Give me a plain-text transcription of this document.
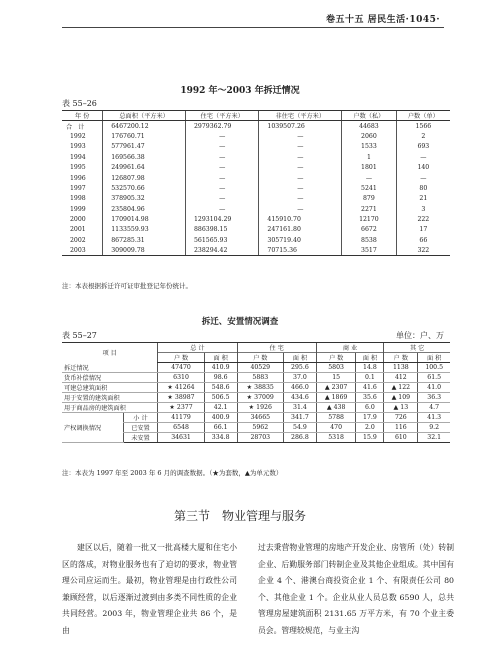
卷五十五 居民生活·1045·
1992 年～2003 年拆迁情况
表 55–26
年 份	总面积（平方米）	住宅（平方米）	非住宅（平方米）	户数（私）	户数（单）
合 计	6467200.12	2979362.79	1039507.26	44683	1566
1992	176760.71	—	—	2060	2
1993	577961.47	—	—	1533	693
1994	169566.38	—	—	1	—
1995	249961.64	—	—	1801	140
1996	126807.98	—	—	—	—
1997	532570.66	—	—	5241	80
1998	378905.32	—	—	879	21
1999	235804.96	—	—	2271	3
2000	1709014.98	1293104.29	415910.70	12170	222
2001	1133559.93	886398.15	247161.80	6672	17
2002	867285.31	561565.93	305719.40	8538	66
2003	309009.78	238294.42	70715.36	3517	322
注：本表根据拆迁许可证审批登记年份统计。
拆迁、安置情况调查
表 55–27	单位：户、万
项 目		总 计		住 宅		商 业		其 它	
		户 数	面 积	户 数	面 积	户 数	面 积	户 数	面 积
拆迁情况		47470	410.9	40529	295.6	5803	14.8	1138	100.5
货币补偿情况		6310	98.6	5883	37.0	15	0.1	412	61.5
可建总建筑面积		★ 41264	548.6	★ 38835	466.0	▲ 2307	41.6	▲ 122	41.0
用于安置的建筑面积		★ 38987	506.5	★ 37009	434.6	▲ 1869	35.6	▲ 109	36.3
用于商品房的建筑面积		★ 2377	42.1	★ 1926	31.4	▲ 438	6.0	▲ 13	4.7
产权调换情况	小 计	41179	400.9	34665	341.7	5788	17.9	726	41.3
	已安置	6548	66.1	5962	54.9	470	2.0	116	9.2
	未安置	34631	334.8	28703	286.8	5318	15.9	610	32.1
注：本表为 1997 年至 2003 年 6 月的调查数据。（★为套数，▲为单元数）
第三节 物业管理与服务
建区以后，随着一批又一批高楼大厦和住宅小区的落成，对物业服务也有了迫切的要求，物业管理公司应运而生。最初，物业管理是由行政性公司兼顾经营，以后逐渐过渡到由多类不同性质的企业共同经营。2003 年，物业管理企业共 86 个，是由
过去秉营物业管理的房地产开发企业、房管所（处）转制企业、后勤服务部门转制企业及其他企业组成。其中国有企业 4 个、港澳台商投资企业 1 个、有限责任公司 80 个、其他企业 1 个。企业从业人员总数 6590 人，总共管理房屋建筑面积 2131.65 万平方米，有 70 个业主委员会。管理较规范，与业主沟
